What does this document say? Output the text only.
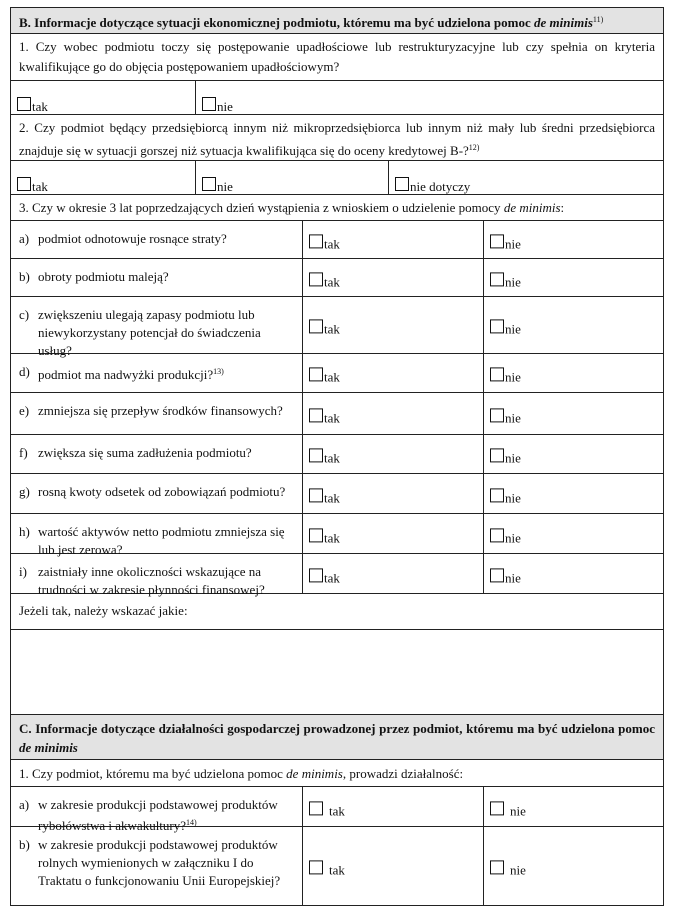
B. Informacje dotyczące sytuacji ekonomicznej podmiotu, któremu ma być udzielona pomoc de minimis$^{11)}$
1. Czy wobec podmiotu toczy się postępowanie upadłościowe lub restrukturyzacyjne lub czy spełnia on kryteria kwalifikujące go do objęcia postępowaniem upadłościowym?
tak	nie
2. Czy podmiot będący przedsiębiorcą innym niż mikroprzedsiębiorca lub innym niż mały lub średni przedsiębiorca znajduje się w sytuacji gorszej niż sytuacja kwalifikująca się do oceny kredytowej B-?$^{12)}$
tak	nie	nie dotyczy
3. Czy w okresie 3 lat poprzedzających dzień wystąpienia z wnioskiem o udzielenie pomocy de minimis:
a) podmiot odnotowuje rosnące straty?	tak	nie
b) obroty podmiotu maleją?	tak	nie
c) zwiększeniu ulegają zapasy podmiotu lub niewykorzystany potencjał do świadczenia usług?
tak	nie
d) podmiot ma nadwyżki produkcji?$^{13)}$	tak	nie
e) zmniejsza się przepływ środków finansowych?	tak	nie
f) zwiększa się suma zadłużenia podmiotu?	tak	nie
g) rosną kwoty odsetek od zobowiązań podmiotu?	tak	nie
h) wartość aktywów netto podmiotu zmniejsza się lub jest zerowa?
tak	nie
i) zaistniały inne okoliczności wskazujące na trudności w zakresie płynności finansowej?
tak	nie
Jeżeli tak, należy wskazać jakie:
C. Informacje dotyczące działalności gospodarczej prowadzonej przez podmiot, któremu ma być udzielona pomoc de minimis
1. Czy podmiot, któremu ma być udzielona pomoc de minimis, prowadzi działalność:
a) w zakresie produkcji podstawowej produktów rybołówstwa i akwakultury?$^{14)}$
tak	nie
b) w zakresie produkcji podstawowej produktów rolnych wymienionych w załączniku I do Traktatu o funkcjonowaniu Unii Europejskiej?
tak	nie
